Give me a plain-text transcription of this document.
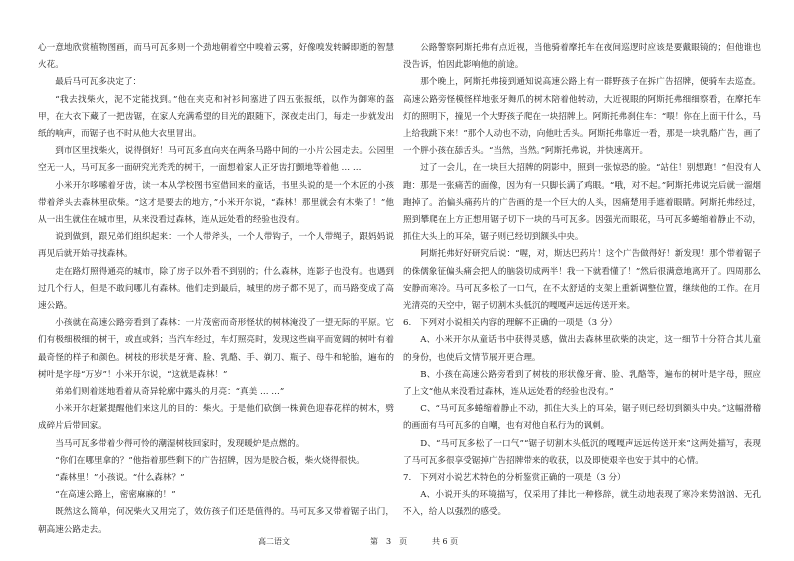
心一意地欣赏植物图画，而马可瓦多则一个劲地朝着空中嗅着云雾，好像嗅发转瞬即逝的智慧火花。

最后马可瓦多决定了：

“我去找柴火，泥不定能找到。”他在夹克和衬衫间塞进了四五张报纸，以作为御寒的盔甲，在大衣下藏了一把齿锯，在家人充满希望的目光的跟随下，深夜走出门，每走一步就发出纸的响声，而锯子也不时从他大衣里冒出。

到市区里找柴火，说得倒好！马可瓦多直向夹在两条马路中间的一小片公园走去。公园里空无一人，马可瓦多一面研究光秃秃的树干，一面想着家人正牙齿打颤地等着他 … …

小米开尔哆嗦着牙齿，读一本从学校图书室借回来的童话，书里头说的是一个木匠的小孩带着斧头去森林里砍柴。“这才是要去的地方，”小米开尔说，“森林！那里就会有木柴了！”他从一出生就住在城市里，从来没看过森林，连从远处看的经验也没有。

说到做到，跟兄弟们组织起来：一个人带斧头，一个人带钩子，一个人带绳子，跟妈妈说再见后就开始寻找森林。

走在路灯照得通亮的城市，除了房子以外看不到别的；什么森林，连影子也没有。也遇到过几个行人，但是不敢问哪儿有森林。他们走到最后，城里的房子都不见了，而马路变成了高速公路。

小孩就在高速公路旁看到了森林：一片茂密而奇形怪状的树林淹没了一望无际的平原。它们有极细极细的树干，或直或斜；当汽车经过，车灯照亮时，发现这些扁平而宽阔的树叶有着最奇怪的样子和颜色。树枝的形状是牙膏、脸、乳酪、手、剃刀、瓶子、母牛和轮胎，遍布的树叶是字母“万岁”！小米开尔说，“这就是森林！”

弟弟们则着迷地看着从奇异轮廓中露头的月亮：“真美 … …”

小米开尔赶紧提醒他们来这儿的目的：柴火。于是他们砍倒一株黄色迎春花样的树木，劈成碎片后带回家。

当马可瓦多带着少得可怜的潮湿树枝回家时，发现暖炉是点燃的。

“你们在哪里拿的？”他指着那些剩下的广告招牌，因为是胶合板，柴火烧得很快。

“森林里！”小孩说。“什么森林？”

“在高速公路上，密密麻麻的！”

既然这么简单，何况柴火又用完了，效仿孩子们还是值得的。马可瓦多又带着锯子出门，朝高速公路走去。

公路警察阿斯托弗有点近视，当他骑着摩托车在夜间巡逻时应该是要戴眼镜的；但他谁也没告诉，怕因此影响他的前途。

那个晚上，阿斯托弗接到通知说高速公路上有一群野孩子在拆广告招牌，便骑车去巡查。高速公路旁怪模怪样地张牙舞爪的树木陪着他转动，大近视眼的阿斯托弗细细察看，在摩托车灯的照明下，撞见一个大野孩子爬在一块招牌上。阿斯托弗刹住车：“喂！你在上面干什么，马上给我跳下来！”那个人动也不动，向他吐舌头。阿斯托弗靠近一看，那是一块乳酪广告，画了一个胖小孩在舔舌头。“当然，当然。”阿斯托弗说，并快速离开。

过了一会儿，在一块巨大招牌的阴影中，照到一张惊恐的脸。“站住！别想跑！”但没有人跑：那是一张痛苦的面像，因为有一只脚长满了鸡眼。“哦，对不起。”阿斯托弗说完后就一溜烟跑掉了。治偏头痛药片的广告画的是一个巨大的人头，因痛楚用手遮着眼睛。阿斯托弗经过，照到攀爬在上方正想用锯子切下一块的马可瓦多。因强光而眼花，马可瓦多蜷缩着静止不动，抓住大头上的耳朵，锯子则已经切到额头中央。

阿斯托弗好好研究后说：“喔，对，斯达巴药片！这个广告做得好！新发现！那个带着锯子的侏儒象征偏头痛会把人的脑袋切成两半！我一下就看懂了！”然后很满意地离开了。四周那么安静而寒冷。马可瓦多松了一口气，在不太舒适的支架上重新调整位置，继续他的工作。在月光清亮的天空中，锯子切割木头低沉的嘎嘎声远远传送开来。

6.　下列对小说相关内容的理解不正确的一项是（3 分）

A、小米开尔从童话书中获得灵感，做出去森林里砍柴的决定，这一细节十分符合其儿童的身份，也使后文情节展开更合理。

B、小孩在高速公路旁看到了树枝的形状像牙膏、脸、乳酪等，遍布的树叶是字母，照应了上文“他从来没看过森林，连从远处看的经验也没有。”

C、“马可瓦多蜷缩着静止不动，抓住大头上的耳朵，锯子则已经切到额头中央。”这幅滑稽的画面有马可瓦多的自嘲，也有对他自私行为的讽刺。

D、“马可瓦多松了一口气”“锯子切割木头低沉的嘎嘎声远远传送开来”这两处描写，表现了马可瓦多很享受锯掉广告招牌带来的收获，以及即使艰辛也安于其中的心情。

7.　下列对小说艺术特色的分析鉴赏正确的一项是（3 分）

A、小说开头的环境描写，仅采用了排比一种修辞，就生动地表现了寒冷来势汹汹、无孔不入，给人以强烈的感受。

高二语文	第　3　页	共 6 页
